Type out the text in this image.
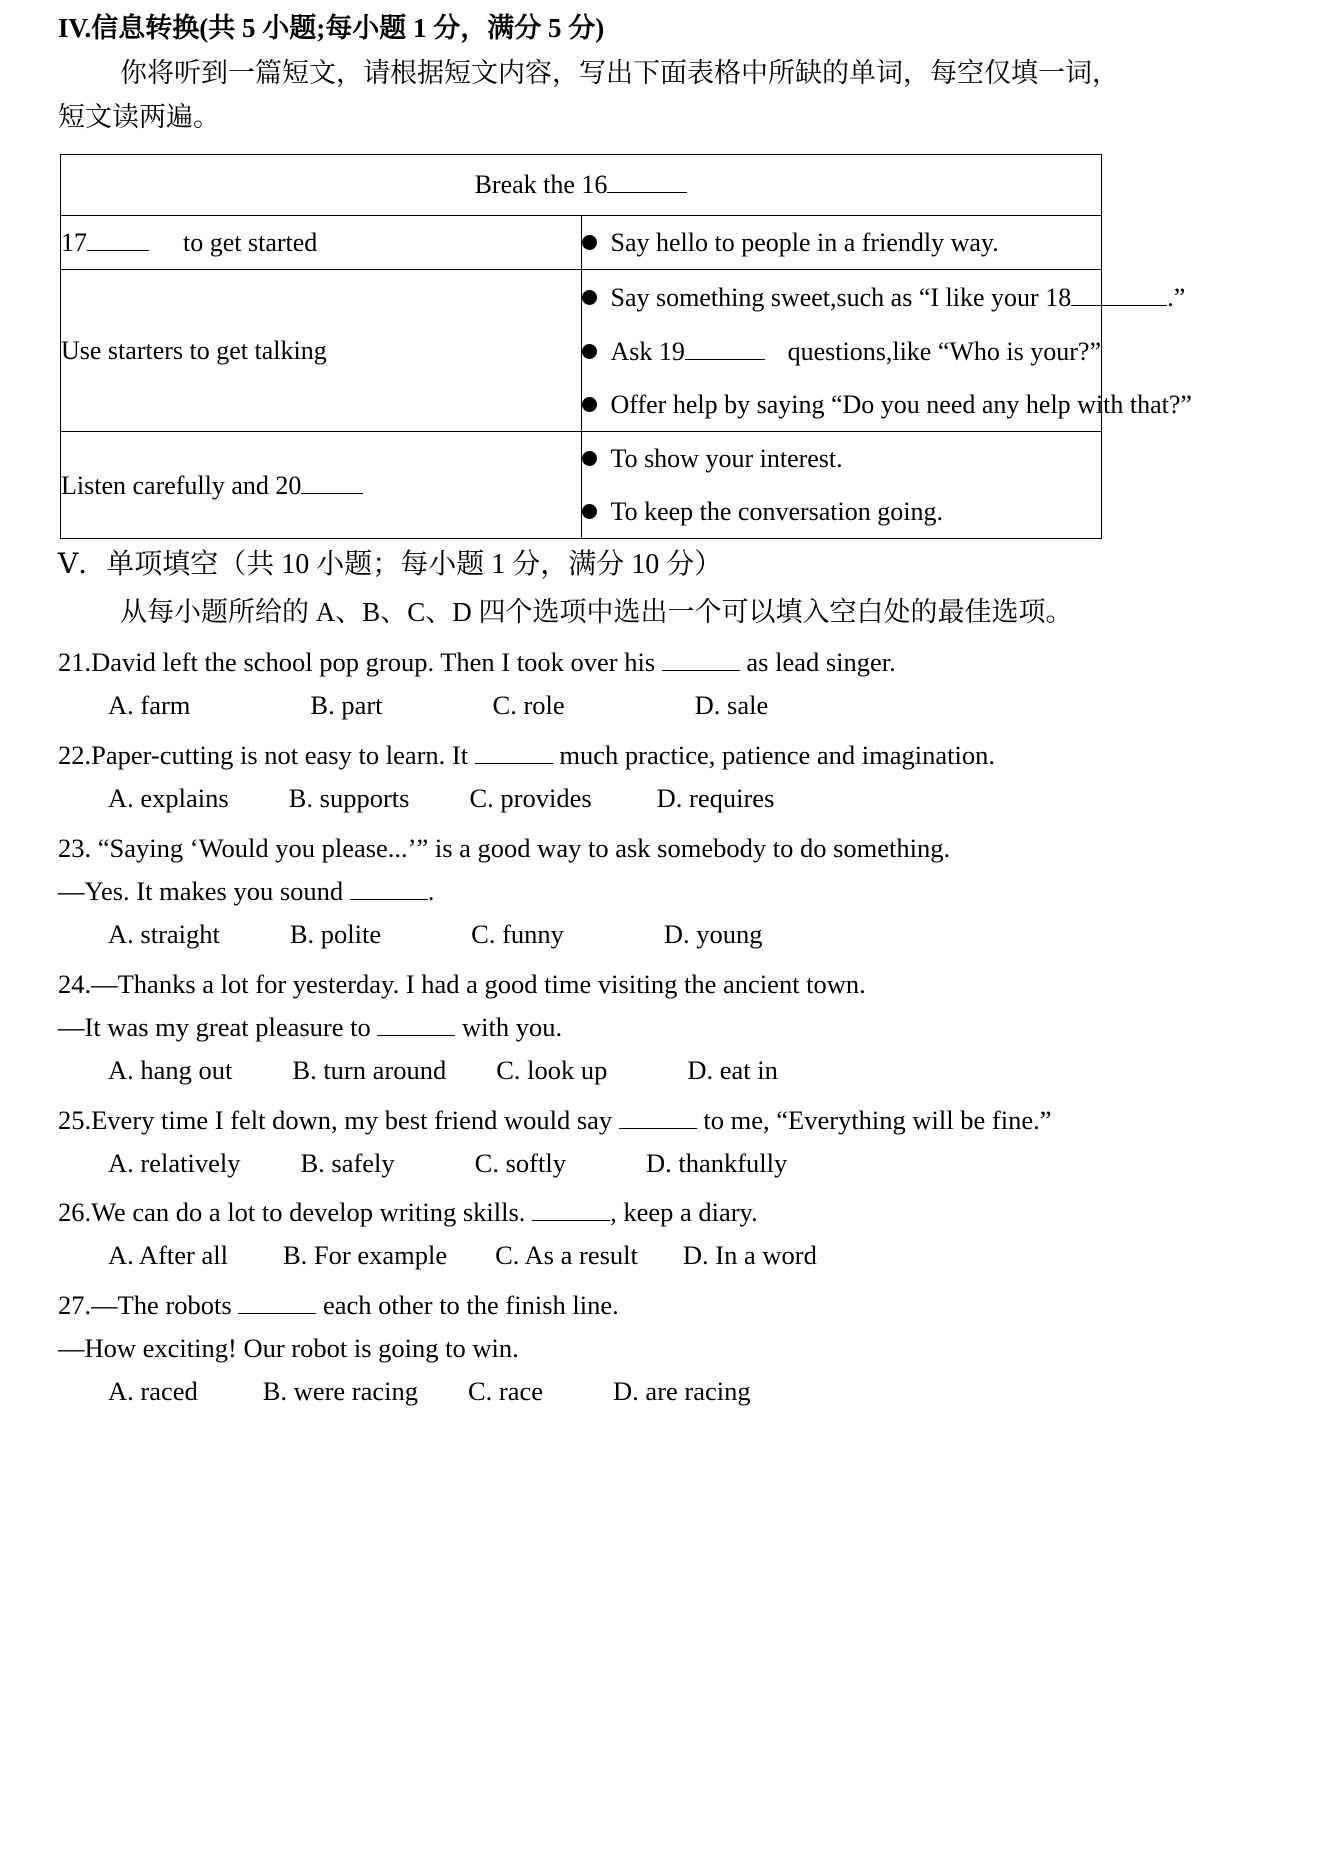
IV.信息转换(共 5 小题;每小题 1 分，满分 5 分)

你将听到一篇短文，请根据短文内容，写出下面表格中所缺的单词，每空仅填一词，

短文读两遍。

Break the 16	
17 to get started	Say hello to people in a friendly way.

Use starters to get talking	Say something sweet,such as “I like your 18 .”
Ask 19 questions,like “Who is your?”
Offer help by saying “Do you need any help with that?”

Listen carefully and 20	To show your interest.
To keep the conversation going.
Ⅴ．单项填空（共 10 小题；每小题 1 分，满分 10 分）

从每小题所给的 A、B、C、D 四个选项中选出一个可以填入空白处的最佳选项。

21.David left the school pop group. Then I took over his	as lead singer.
A. farm	B. part	C. role	D. sale
22.Paper-cutting is not easy to learn. It	much practice, patience and imagination.
A. explains B. supports C. provides D. requires
23. “Saying ‘Would you please...’” is a good way to ask somebody to do something.
—Yes. It makes you sound	.
A. straight	B. polite	C. funny	D. young
24.—Thanks a lot for yesterday. I had a good time visiting the ancient town.
—It was my great pleasure to	with you.
A. hang out B. turn around C. look up	D. eat in
25.Every time I felt down, my best friend would say	to me, “Everything will be fine.”
A. relatively B. safely	C. softly	D. thankfully
26.We can do a lot to develop writing skills.	, keep a diary.
A. After all B. For example C. As a result D. In a word
27.—The robots	each other to the finish line.
—How exciting! Our robot is going to win.
A. raced B. were racing C. race	D. are racing
